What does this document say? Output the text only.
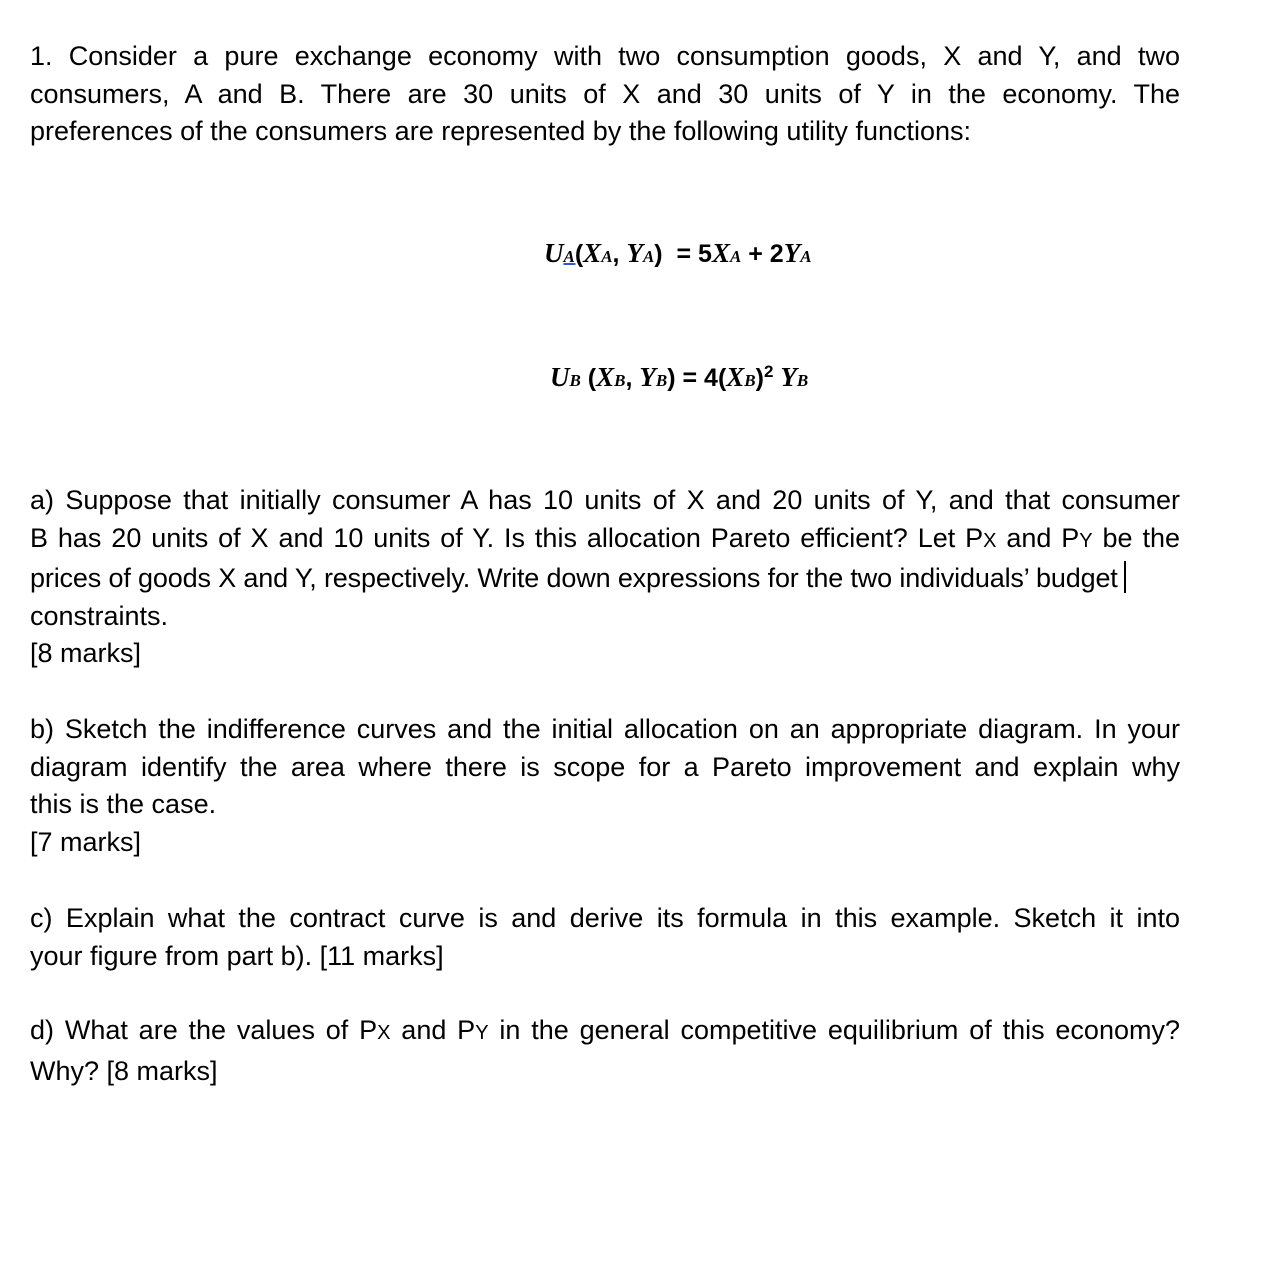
1. Consider a pure exchange economy with two consumption goods, X and Y, and two

consumers, A and B. There are 30 units of X and 30 units of Y in the economy. The

preferences of the consumers are represented by the following utility functions:

UA(XA, YA)  = 5XA + 2YA
UB (XB, YB) = 4(XB)$^2$ YB

a) Suppose that initially consumer A has 10 units of X and 20 units of Y, and that consumer

B has 20 units of X and 10 units of Y. Is this allocation Pareto efficient? Let PX and PY be the

prices of goods X and Y, respectively. Write down expressions for the two individuals’ budget

constraints.

[8 marks]

b) Sketch the indifference curves and the initial allocation on an appropriate diagram. In your

diagram identify the area where there is scope for a Pareto improvement and explain why

this is the case.

[7 marks]

c) Explain what the contract curve is and derive its formula in this example. Sketch it into

your figure from part b). [11 marks]

d) What are the values of PX and PY in the general competitive equilibrium of this economy?

Why? [8 marks]
